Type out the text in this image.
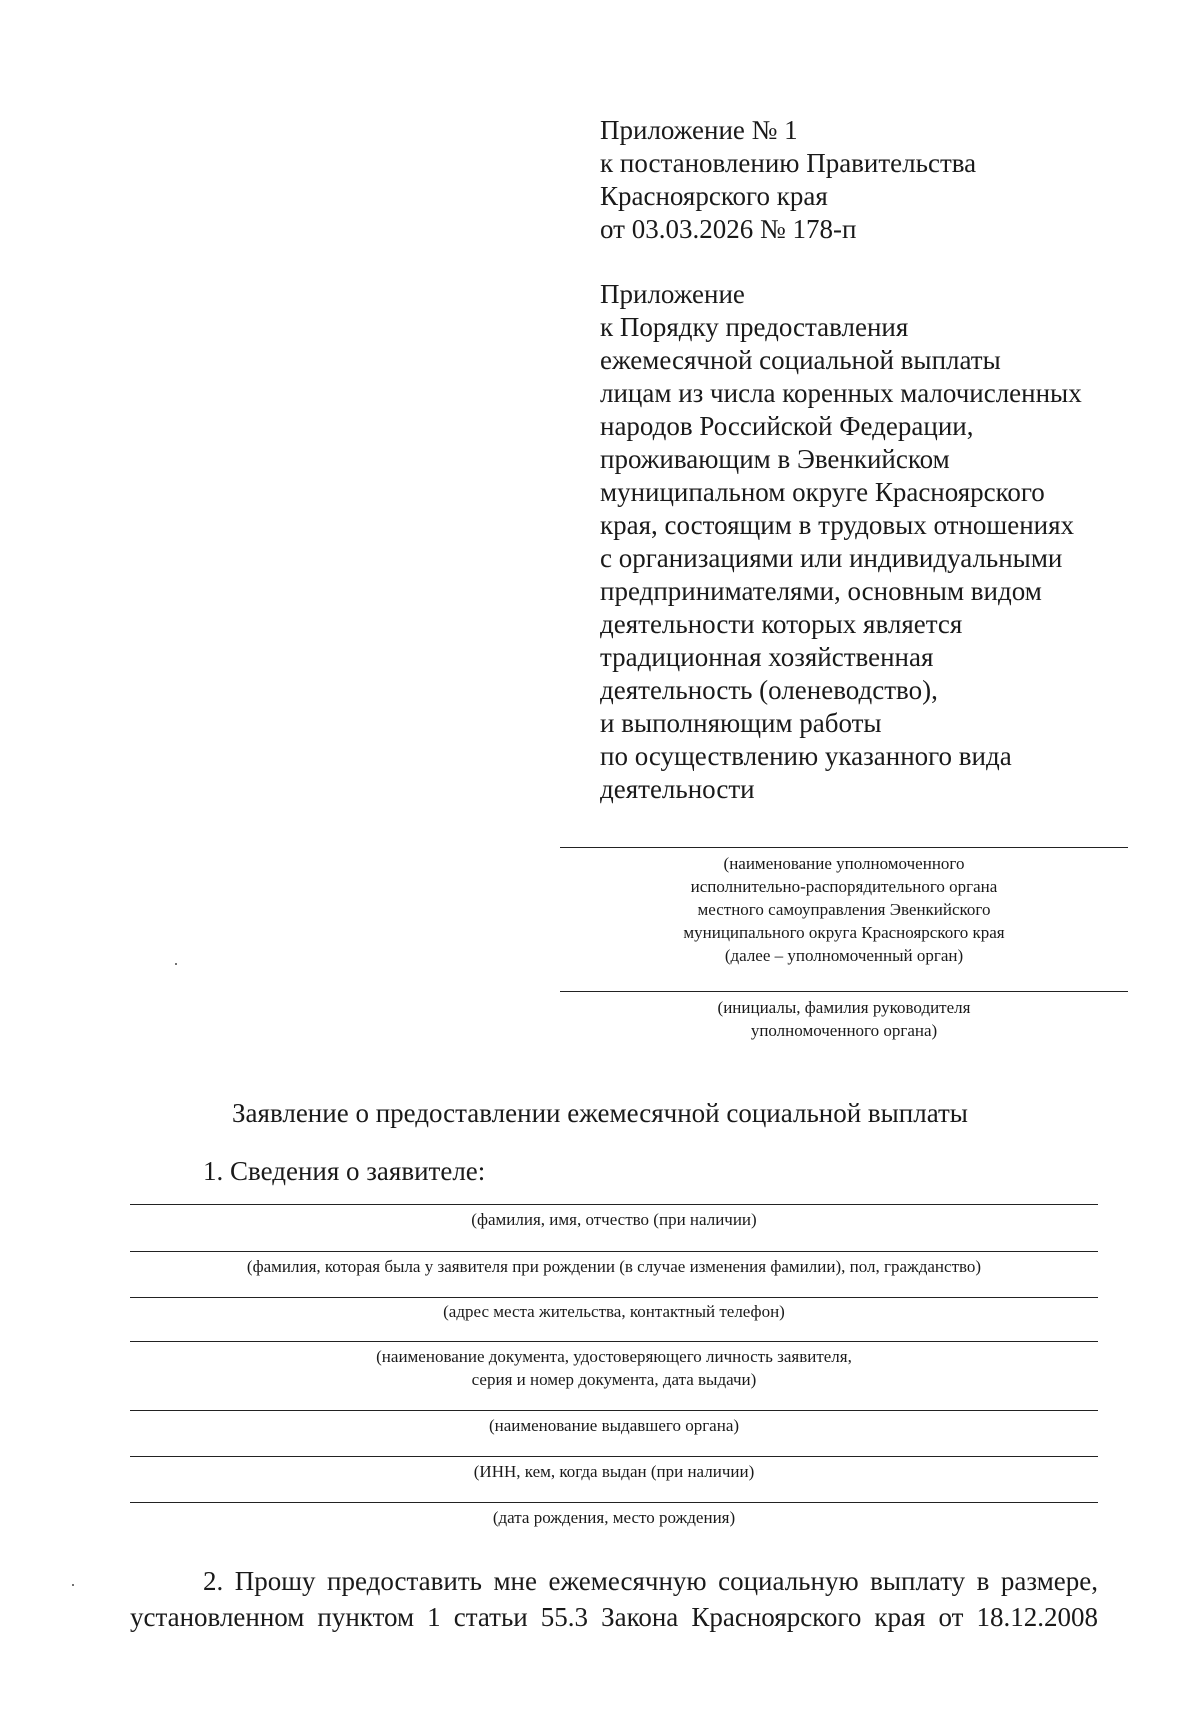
Приложение № 1
к постановлению Правительства
Красноярского края
от 03.03.2026 № 178-п
Приложение
к Порядку предоставления
ежемесячной социальной выплаты
лицам из числа коренных малочисленных
народов Российской Федерации,
проживающим в Эвенкийском
муниципальном округе Красноярского
края, состоящим в трудовых отношениях
с организациями или индивидуальными
предпринимателями, основным видом
деятельности которых является
традиционная хозяйственная
деятельность (оленеводство),
и выполняющим работы
по осуществлению указанного вида
деятельности
(наименование уполномоченного
исполнительно-распорядительного органа
местного самоуправления Эвенкийского
муниципального округа Красноярского края
(далее – уполномоченный орган)
(инициалы, фамилия руководителя
уполномоченного органа)
Заявление о предоставлении ежемесячной социальной выплаты
1. Сведения о заявителе:
(фамилия, имя, отчество (при наличии)
(фамилия, которая была у заявителя при рождении (в случае изменения фамилии), пол, гражданство)
(адрес места жительства, контактный телефон)
(наименование документа, удостоверяющего личность заявителя,
серия и номер документа, дата выдачи)
(наименование выдавшего органа)
(ИНН, кем, когда выдан (при наличии)
(дата рождения, место рождения)
2. Прошу предоставить мне ежемесячную социальную выплату в размере,
установленном пунктом 1 статьи 55.3 Закона Красноярского края от 18.12.2008
